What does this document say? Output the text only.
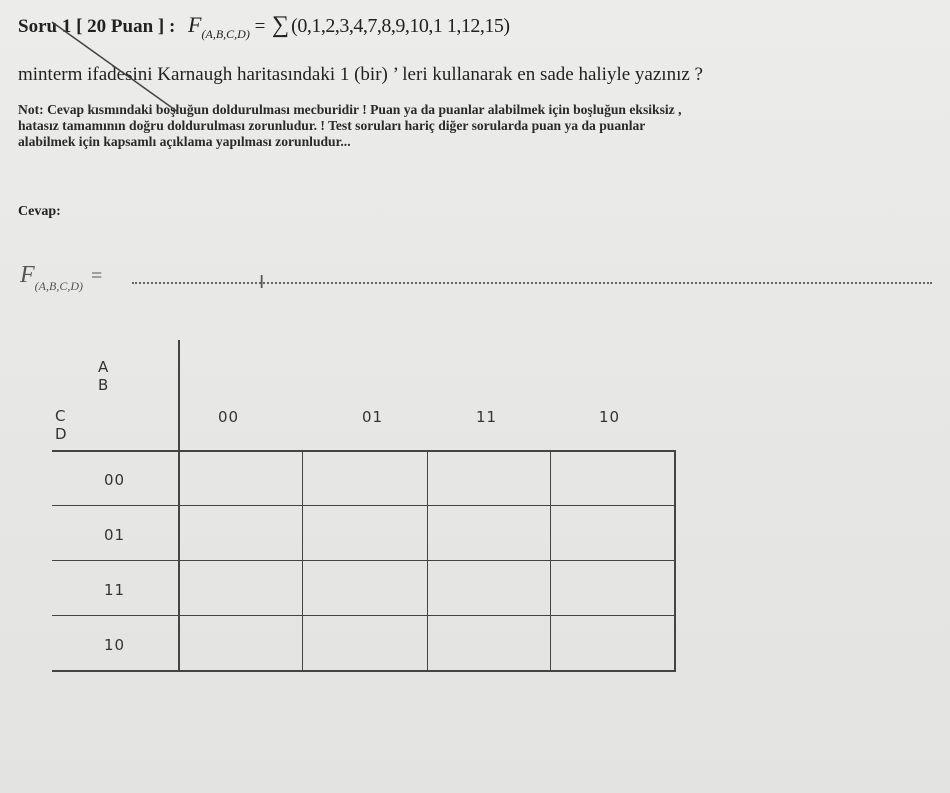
Soru 1 [ 20 Puan ] : $F_{(A,B,C,D)}$ = ∑ (0,1,2,3,4,7,8,9,10,1 1,12,15)
minterm ifadesini Karnaugh haritasındaki 1 (bir) ’ leri kullanarak en sade haliyle yazınız ?
Not: Cevap kısmındaki boşluğun doldurulması mecburidir ! Puan ya da puanlar alabilmek için boşluğun eksiksiz ,
hatasız tamamının doğru doldurulması zorunludur. ! Test soruları hariç diğer sorularda puan ya da puanlar
alabilmek için kapsamlı açıklama yapılması zorunludur...
Cevap:
$F_{(A,B,C,D)}$ =	I
A B
C D
00	01	11	10
00
01
11
10
